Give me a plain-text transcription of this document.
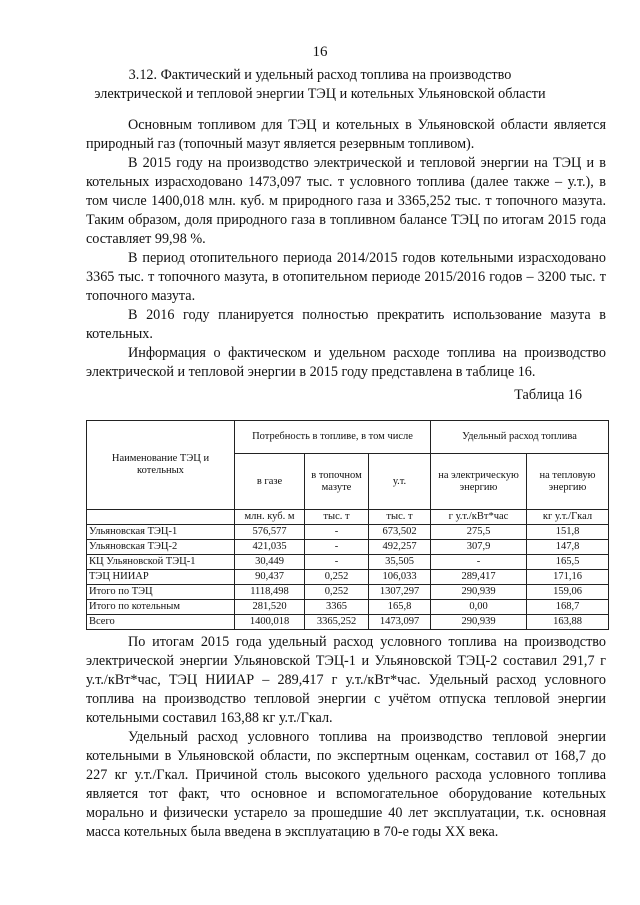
16
3.12. Фактический и удельный расход топлива на производство
электрической и тепловой энергии ТЭЦ и котельных Ульяновской области

Основным топливом для ТЭЦ и котельных в Ульяновской области является природный газ (топочный мазут является резервным топливом).

В 2015 году на производство электрической и тепловой энергии на ТЭЦ и в котельных израсходовано 1473,097 тыс. т условного топлива (далее также – у.т.), в том числе 1400,018 млн. куб. м природного газа и 3365,252 тыс. т топочного мазута. Таким образом, доля природного газа в топливном балансе ТЭЦ по итогам 2015 года составляет 99,98 %.

В период отопительного периода 2014/2015 годов котельными израсходовано 3365 тыс. т топочного мазута, в отопительном периоде 2015/2016 годов – 3200 тыс. т топочного мазута.

В 2016 году планируется полностью прекратить использование мазута в котельных.

Информация о фактическом и удельном расходе топлива на производство электрической и тепловой энергии в 2015 году представлена в таблице 16.

Таблица 16
Наименование ТЭЦ и котельных	Потребность в топливе, в том числе			Удельный расход топлива	
	в газе	в топочном мазуте	у.т.	на электрическую энергию	на тепловую энергию
	млн. куб. м	тыс. т	тыс. т	г у.т./кВт*час	кг у.т./Гкал
Ульяновская ТЭЦ-1	576,577	-	673,502	275,5	151,8
Ульяновская ТЭЦ-2	421,035	-	492,257	307,9	147,8
КЦ Ульяновской ТЭЦ-1	30,449	-	35,505	-	165,5
ТЭЦ НИИАР	90,437	0,252	106,033	289,417	171,16
Итого по ТЭЦ	1118,498	0,252	1307,297	290,939	159,06
Итого по котельным	281,520	3365	165,8	0,00	168,7
Всего	1400,018	3365,252	1473,097	290,939	163,88

По итогам 2015 года удельный расход условного топлива на производство электрической энергии Ульяновской ТЭЦ-1 и Ульяновской ТЭЦ-2 составил 291,7 г у.т./кВт*час, ТЭЦ НИИАР – 289,417 г у.т./кВт*час. Удельный расход условного топлива на производство тепловой энергии с учётом отпуска тепловой энергии котельными составил 163,88 кг у.т./Гкал.

Удельный расход условного топлива на производство тепловой энергии котельными в Ульяновской области, по экспертным оценкам, составил от 168,7 до 227 кг у.т./Гкал. Причиной столь высокого удельного расхода условного топлива является тот факт, что основное и вспомогательное оборудование котельных морально и физически устарело за прошедшие 40 лет эксплуатации, т.к. основная масса котельных была введена в эксплуатацию в 70-е годы XX века.
